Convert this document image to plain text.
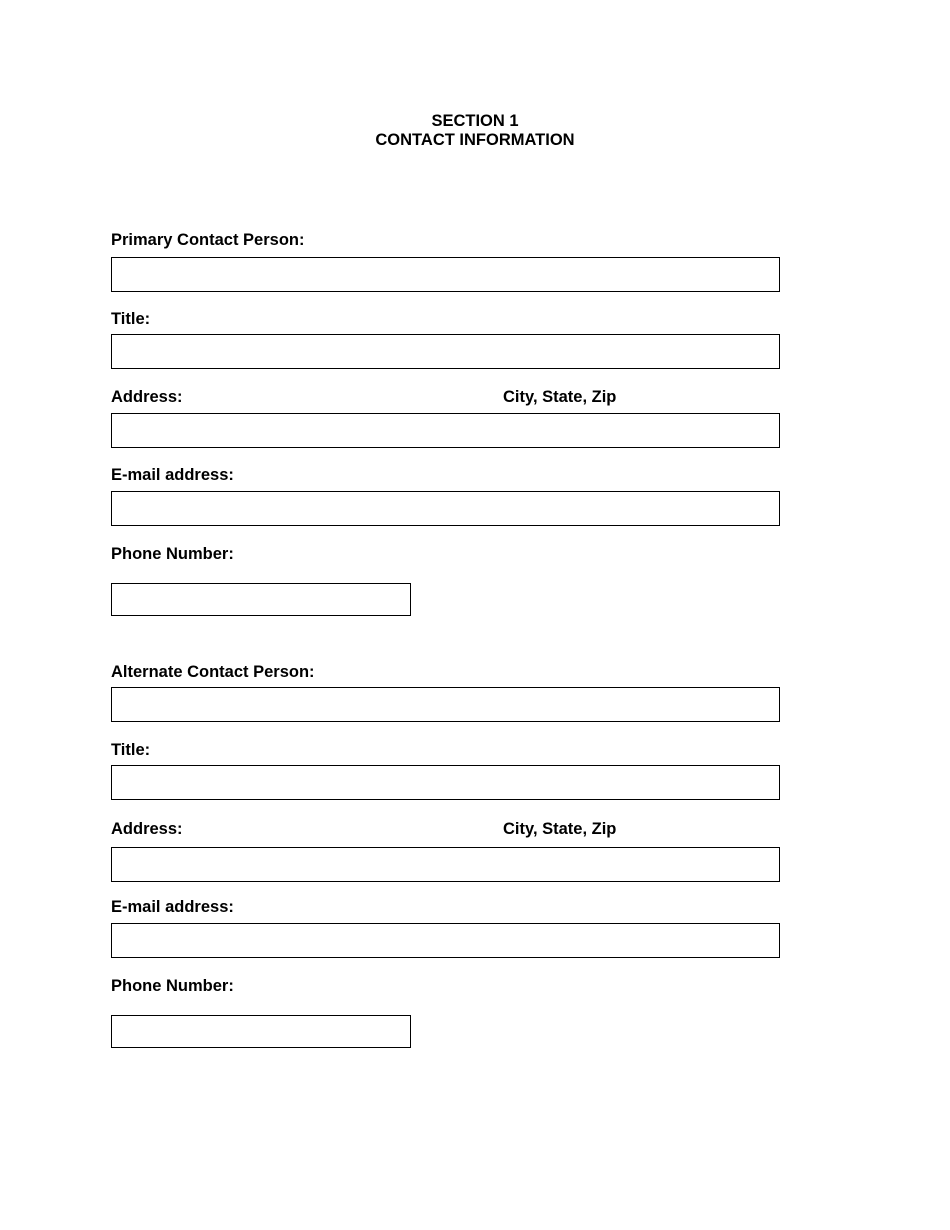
SECTION 1
CONTACT INFORMATION
Primary Contact Person:
Title:
Address:	City, State, Zip
E-mail address:
Phone Number:
Alternate Contact Person:
Title:
Address:	City, State, Zip
E-mail address:
Phone Number:
